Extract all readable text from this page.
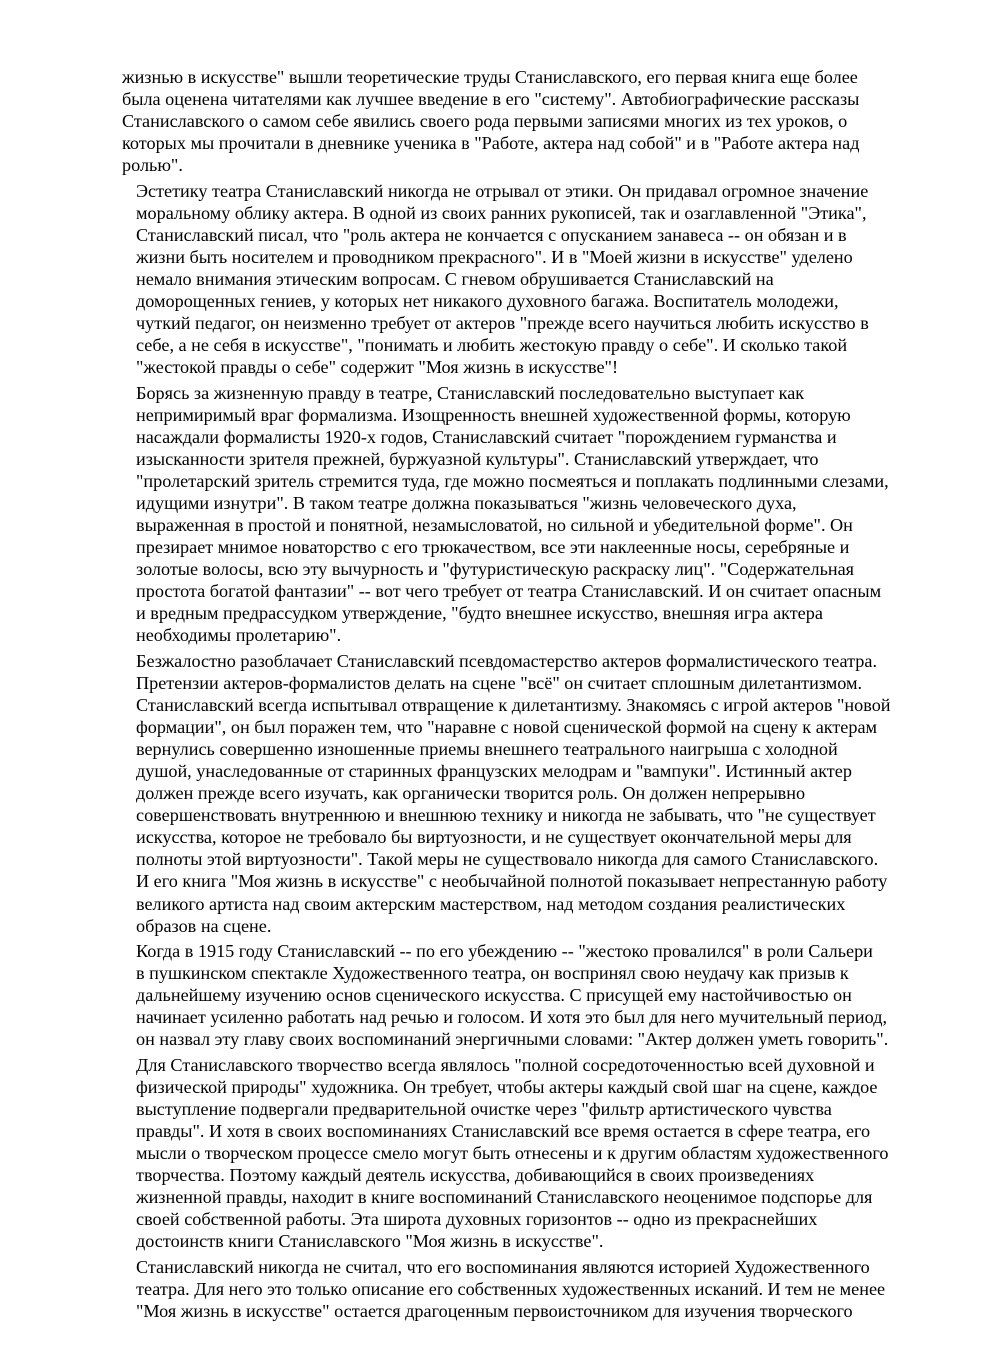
жизнью в искусстве" вышли теоретические труды Станиславского, его первая книга еще более
была оценена читателями как лучшее введение в его "систему". Автобиографические рассказы
Станиславского о самом себе явились своего рода первыми записями многих из тех уроков, о
которых мы прочитали в дневнике ученика в "Работе, актера над собой" и в "Работе актера над
ролью".
Эстетику театра Станиславский никогда не отрывал от этики. Он придавал огромное значение
моральному облику актера. В одной из своих ранних рукописей, так и озаглавленной "Этика",
Станиславский писал, что "роль актера не кончается с опусканием занавеса -- он обязан и в
жизни быть носителем и проводником прекрасного". И в "Моей жизни в искусстве" уделено
немало внимания этическим вопросам. С гневом обрушивается Станиславский на
доморощенных гениев, у которых нет никакого духовного багажа. Воспитатель молодежи,
чуткий педагог, он неизменно требует от актеров "прежде всего научиться любить искусство в
себе, а не себя в искусстве", "понимать и любить жестокую правду о себе". И сколько такой
"жестокой правды о себе" содержит "Моя жизнь в искусстве"!
Борясь за жизненную правду в театре, Станиславский последовательно выступает как
непримиримый враг формализма. Изощренность внешней художественной формы, которую
насаждали формалисты 1920-х годов, Станиславский считает "порождением гурманства и
изысканности зрителя прежней, буржуазной культуры". Станиславский утверждает, что
"пролетарский зритель стремится туда, где можно посмеяться и поплакать подлинными слезами,
идущими изнутри". В таком театре должна показываться "жизнь человеческого духа,
выраженная в простой и понятной, незамысловатой, но сильной и убедительной форме". Он
презирает мнимое новаторство с его трюкачеством, все эти наклеенные носы, серебряные и
золотые волосы, всю эту вычурность и "футуристическую раскраску лиц". "Содержательная
простота богатой фантазии" -- вот чего требует от театра Станиславский. И он считает опасным
и вредным предрассудком утверждение, "будто внешнее искусство, внешняя игра актера
необходимы пролетарию".
Безжалостно разоблачает Станиславский псевдомастерство актеров формалистического театра.
Претензии актеров-формалистов делать на сцене "всё" он считает сплошным дилетантизмом.
Станиславский всегда испытывал отвращение к дилетантизму. Знакомясь с игрой актеров "новой
формации", он был поражен тем, что "наравне с новой сценической формой на сцену к актерам
вернулись совершенно изношенные приемы внешнего театрального наигрыша с холодной
душой, унаследованные от старинных французских мелодрам и "вампуки". Истинный актер
должен прежде всего изучать, как органически творится роль. Он должен непрерывно
совершенствовать внутреннюю и внешнюю технику и никогда не забывать, что "не существует
искусства, которое не требовало бы виртуозности, и не существует окончательной меры для
полноты этой виртуозности". Такой меры не существовало никогда для самого Станиславского.
И его книга "Моя жизнь в искусстве" с необычайной полнотой показывает непрестанную работу
великого артиста над своим актерским мастерством, над методом создания реалистических
образов на сцене.
Когда в 1915 году Станиславский -- по его убеждению -- "жестоко провалился" в роли Сальери
в пушкинском спектакле Художественного театра, он воспринял свою неудачу как призыв к
дальнейшему изучению основ сценического искусства. С присущей ему настойчивостью он
начинает усиленно работать над речью и голосом. И хотя это был для него мучительный период,
он назвал эту главу своих воспоминаний энергичными словами: "Актер должен уметь говорить".
Для Станиславского творчество всегда являлось "полной сосредоточенностью всей духовной и
физической природы" художника. Он требует, чтобы актеры каждый свой шаг на сцене, каждое
выступление подвергали предварительной очистке через "фильтр артистического чувства
правды". И хотя в своих воспоминаниях Станиславский все время остается в сфере театра, его
мысли о творческом процессе смело могут быть отнесены и к другим областям художественного
творчества. Поэтому каждый деятель искусства, добивающийся в своих произведениях
жизненной правды, находит в книге воспоминаний Станиславского неоценимое подспорье для
своей собственной работы. Эта широта духовных горизонтов -- одно из прекраснейших
достоинств книги Станиславского "Моя жизнь в искусстве".
Станиславский никогда не считал, что его воспоминания являются историей Художественного
театра. Для него это только описание его собственных художественных исканий. И тем не менее
"Моя жизнь в искусстве" остается драгоценным первоисточником для изучения творческого
